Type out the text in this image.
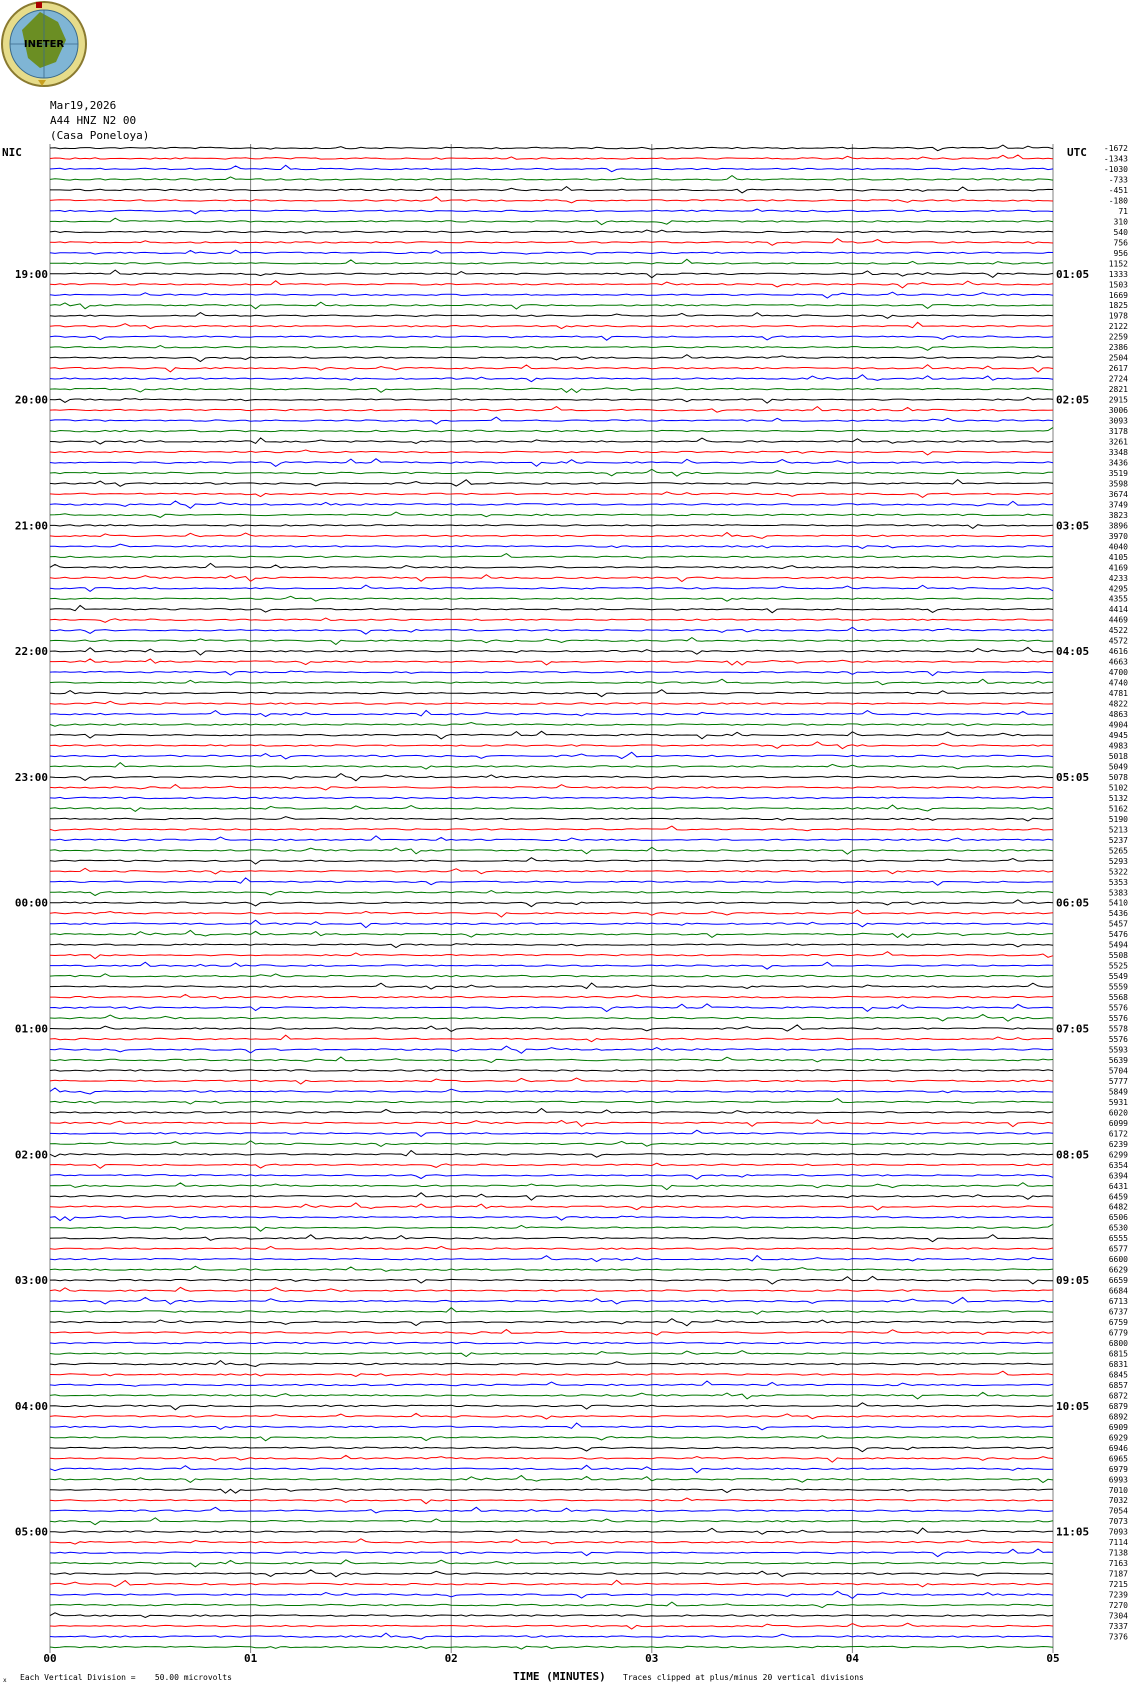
INETER
Mar19,2026
A44 HNZ N2 00
(Casa Poneloya)
NIC	UTC
00	01	02	03	04	05
-1672
-1343
-1030
-733
-451
-180
71
310
540
756
956
1152
1333
1503
1669
1825
1978
2122
2259
2386
2504
2617
2724
2821
2915
3006
3093
3178
3261
3348
3436
3519
3598
3674
3749
3823
3896
3970
4040
4105
4169
4233
4295
4355
4414
4469
4522
4572
4616
4663
4700
4740
4781
4822
4863
4904
4945
4983
5018
5049
5078
5102
5132
5162
5190
5213
5237
5265
5293
5322
5353
5383
5410
5436
5457
5476
5494
5508
5525
5549
5559
5568
5576
5576
5578
5576
5593
5639
5704
5777
5849
5931
6020
6099
6172
6239
6299
6354
6394
6431
6459
6482
6506
6530
6555
6577
6600
6629
6659
6684
6713
6737
6759
6779
6800
6815
6831
6845
6857
6872
6879
6892
6909
6929
6946
6965
6979
6993
7010
7032
7054
7073
7093
7114
7138
7163
7187
7215
7239
7270
7304
7337
7376
19:00	01:05
20:00	02:05
21:00	03:05
22:00	04:05
23:00	05:05
00:00	06:05
01:00	07:05
02:00	08:05
03:00	09:05
04:00	10:05
05:00	11:05
x Each Vertical Division =    50.00 microvolts	TIME (MINUTES) Traces clipped at plus/minus 20 vertical divisions
